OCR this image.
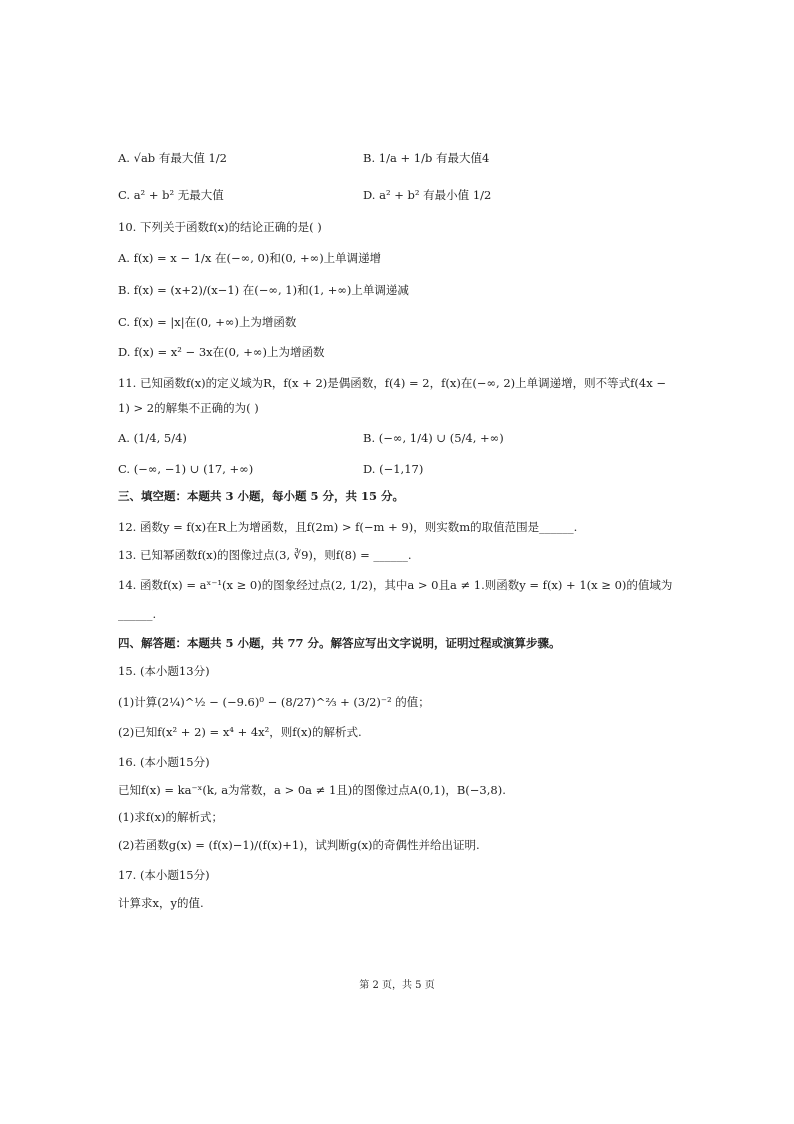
A. √ab 有最大值 1/2	B. 1/a + 1/b 有最大值4
C. a² + b² 无最大值	D. a² + b² 有最小值 1/2
10. 下列关于函数f(x)的结论正确的是( )
A. f(x) = x − 1/x 在(−∞, 0)和(0, +∞)上单调递增
B. f(x) = (x+2)/(x−1) 在(−∞, 1)和(1, +∞)上单调递减
C. f(x) = |x|在(0, +∞)上为增函数
D. f(x) = x² − 3x在(0, +∞)上为增函数
11. 已知函数f(x)的定义域为R，f(x + 2)是偶函数，f(4) = 2，f(x)在(−∞, 2)上单调递增，则不等式f(4x −
1) > 2的解集不正确的为( )
A. (1/4, 5/4)	B. (−∞, 1/4) ∪ (5/4, +∞)
C. (−∞, −1) ∪ (17, +∞)	D. (−1,17)
三、填空题：本题共 3 小题，每小题 5 分，共 15 分。
12. 函数y = f(x)在R上为增函数，且f(2m) > f(−m + 9)，则实数m的取值范围是______.
13. 已知幂函数f(x)的图像过点(3, ∛9)，则f(8) = ______.
14. 函数f(x) = aˣ⁻¹(x ≥ 0)的图象经过点(2, 1/2)，其中a > 0且a ≠ 1.则函数y = f(x) + 1(x ≥ 0)的值域为
______.
四、解答题：本题共 5 小题，共 77 分。解答应写出文字说明，证明过程或演算步骤。
15. (本小题13分)
(1)计算(2¼)^½ − (−9.6)⁰ − (8/27)^⅔ + (3/2)⁻² 的值；
(2)已知f(x² + 2) = x⁴ + 4x²，则f(x)的解析式.
16. (本小题15分)
已知f(x) = ka⁻ˣ(k, a为常数，a > 0a ≠ 1且)的图像过点A(0,1)，B(−3,8).
(1)求f(x)的解析式；
(2)若函数g(x) = (f(x)−1)/(f(x)+1)，试判断g(x)的奇偶性并给出证明.
17. (本小题15分)
计算求x，y的值.
第 2 页，共 5 页
